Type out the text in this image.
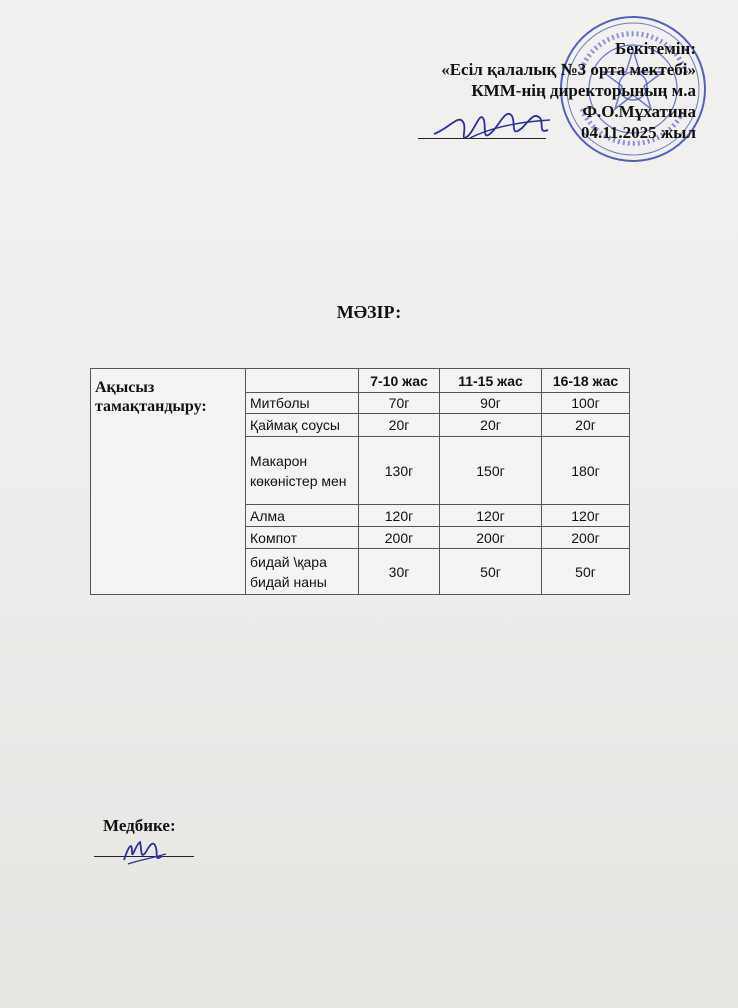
Бекітемін:
«Есіл қалалық №3 орта мектебі»
КММ-нің директорының м.а
Ф.О.Мұхатина
04.11.2025 жыл
МӘЗІР:
Ақысыз тамақтандыру:		7-10 жас	11-15 жас	16-18 жас
	Митболы	70г	90г	100г
	Қаймақ соусы	20г	20г	20г
	Макарон көкөністер мен	130г	150г	180г
	Алма	120г	120г	120г
	Компот	200г	200г	200г
	бидай \қара бидай наны	30г	50г	50г
Медбике:
